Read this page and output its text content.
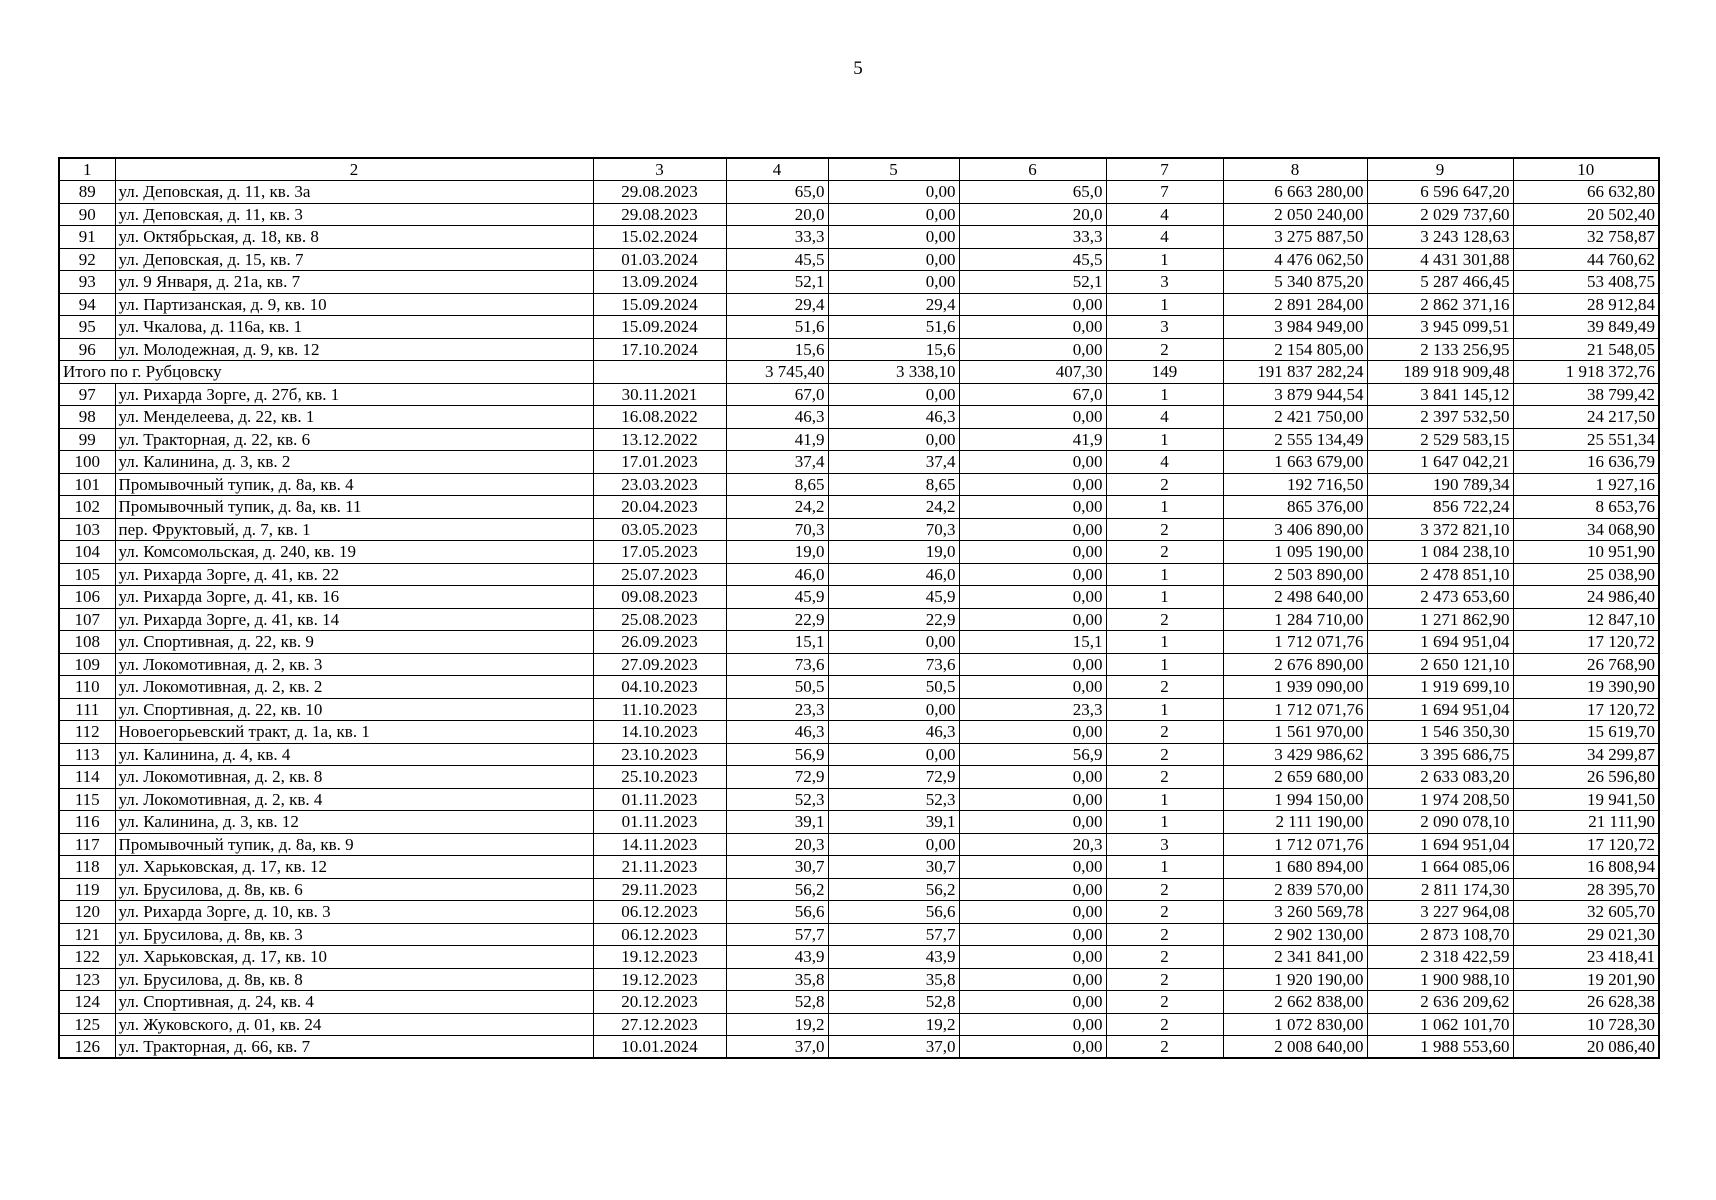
5
1	2	3	4	5	6	7	8	9	10
89	ул. Деповская, д. 11, кв. 3а	29.08.2023	65,0	0,00	65,0	7	6 663 280,00	6 596 647,20	66 632,80
90	ул. Деповская, д. 11, кв. 3	29.08.2023	20,0	0,00	20,0	4	2 050 240,00	2 029 737,60	20 502,40
91	ул. Октябрьская, д. 18, кв. 8	15.02.2024	33,3	0,00	33,3	4	3 275 887,50	3 243 128,63	32 758,87
92	ул. Деповская, д. 15, кв. 7	01.03.2024	45,5	0,00	45,5	1	4 476 062,50	4 431 301,88	44 760,62
93	ул. 9 Января, д. 21а, кв. 7	13.09.2024	52,1	0,00	52,1	3	5 340 875,20	5 287 466,45	53 408,75
94	ул. Партизанская, д. 9, кв. 10	15.09.2024	29,4	29,4	0,00	1	2 891 284,00	2 862 371,16	28 912,84
95	ул. Чкалова, д. 116а, кв. 1	15.09.2024	51,6	51,6	0,00	3	3 984 949,00	3 945 099,51	39 849,49
96	ул. Молодежная, д. 9, кв. 12	17.10.2024	15,6	15,6	0,00	2	2 154 805,00	2 133 256,95	21 548,05
Итого по г. Рубцовску			3 745,40	3 338,10	407,30	149	191 837 282,24	189 918 909,48	1 918 372,76
97	ул. Рихарда Зорге, д. 27б, кв. 1	30.11.2021	67,0	0,00	67,0	1	3 879 944,54	3 841 145,12	38 799,42
98	ул. Менделеева, д. 22, кв. 1	16.08.2022	46,3	46,3	0,00	4	2 421 750,00	2 397 532,50	24 217,50
99	ул. Тракторная, д. 22, кв. 6	13.12.2022	41,9	0,00	41,9	1	2 555 134,49	2 529 583,15	25 551,34
100	ул. Калинина, д. 3, кв. 2	17.01.2023	37,4	37,4	0,00	4	1 663 679,00	1 647 042,21	16 636,79
101	Промывочный тупик, д. 8а, кв. 4	23.03.2023	8,65	8,65	0,00	2	192 716,50	190 789,34	1 927,16
102	Промывочный тупик, д. 8а, кв. 11	20.04.2023	24,2	24,2	0,00	1	865 376,00	856 722,24	8 653,76
103	пер. Фруктовый, д. 7, кв. 1	03.05.2023	70,3	70,3	0,00	2	3 406 890,00	3 372 821,10	34 068,90
104	ул. Комсомольская, д. 240, кв. 19	17.05.2023	19,0	19,0	0,00	2	1 095 190,00	1 084 238,10	10 951,90
105	ул. Рихарда Зорге, д. 41, кв. 22	25.07.2023	46,0	46,0	0,00	1	2 503 890,00	2 478 851,10	25 038,90
106	ул. Рихарда Зорге, д. 41, кв. 16	09.08.2023	45,9	45,9	0,00	1	2 498 640,00	2 473 653,60	24 986,40
107	ул. Рихарда Зорге, д. 41, кв. 14	25.08.2023	22,9	22,9	0,00	2	1 284 710,00	1 271 862,90	12 847,10
108	ул. Спортивная, д. 22, кв. 9	26.09.2023	15,1	0,00	15,1	1	1 712 071,76	1 694 951,04	17 120,72
109	ул. Локомотивная, д. 2, кв. 3	27.09.2023	73,6	73,6	0,00	1	2 676 890,00	2 650 121,10	26 768,90
110	ул. Локомотивная, д. 2, кв. 2	04.10.2023	50,5	50,5	0,00	2	1 939 090,00	1 919 699,10	19 390,90
111	ул. Спортивная, д. 22, кв. 10	11.10.2023	23,3	0,00	23,3	1	1 712 071,76	1 694 951,04	17 120,72
112	Новоегорьевский тракт, д. 1а, кв. 1	14.10.2023	46,3	46,3	0,00	2	1 561 970,00	1 546 350,30	15 619,70
113	ул. Калинина, д. 4, кв. 4	23.10.2023	56,9	0,00	56,9	2	3 429 986,62	3 395 686,75	34 299,87
114	ул. Локомотивная, д. 2, кв. 8	25.10.2023	72,9	72,9	0,00	2	2 659 680,00	2 633 083,20	26 596,80
115	ул. Локомотивная, д. 2, кв. 4	01.11.2023	52,3	52,3	0,00	1	1 994 150,00	1 974 208,50	19 941,50
116	ул. Калинина, д. 3, кв. 12	01.11.2023	39,1	39,1	0,00	1	2 111 190,00	2 090 078,10	21 111,90
117	Промывочный тупик, д. 8а, кв. 9	14.11.2023	20,3	0,00	20,3	3	1 712 071,76	1 694 951,04	17 120,72
118	ул. Харьковская, д. 17, кв. 12	21.11.2023	30,7	30,7	0,00	1	1 680 894,00	1 664 085,06	16 808,94
119	ул. Брусилова, д. 8в, кв. 6	29.11.2023	56,2	56,2	0,00	2	2 839 570,00	2 811 174,30	28 395,70
120	ул. Рихарда Зорге, д. 10, кв. 3	06.12.2023	56,6	56,6	0,00	2	3 260 569,78	3 227 964,08	32 605,70
121	ул. Брусилова, д. 8в, кв. 3	06.12.2023	57,7	57,7	0,00	2	2 902 130,00	2 873 108,70	29 021,30
122	ул. Харьковская, д. 17, кв. 10	19.12.2023	43,9	43,9	0,00	2	2 341 841,00	2 318 422,59	23 418,41
123	ул. Брусилова, д. 8в, кв. 8	19.12.2023	35,8	35,8	0,00	2	1 920 190,00	1 900 988,10	19 201,90
124	ул. Спортивная, д. 24, кв. 4	20.12.2023	52,8	52,8	0,00	2	2 662 838,00	2 636 209,62	26 628,38
125	ул. Жуковского, д. 01, кв. 24	27.12.2023	19,2	19,2	0,00	2	1 072 830,00	1 062 101,70	10 728,30
126	ул. Тракторная, д. 66, кв. 7	10.01.2024	37,0	37,0	0,00	2	2 008 640,00	1 988 553,60	20 086,40
